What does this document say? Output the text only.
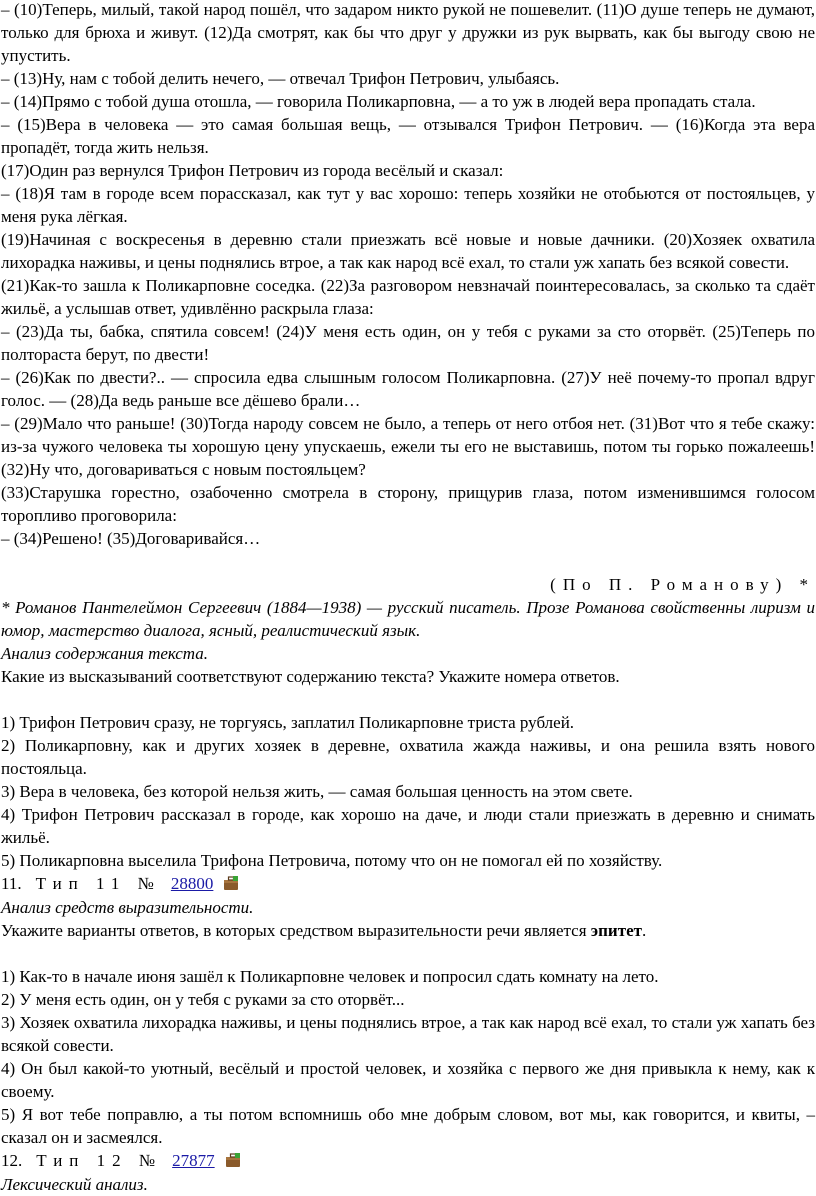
– (10)Теперь, милый, такой народ пошёл, что задаром никто рукой не пошевелит. (11)О душе теперь не думают, только для брюха и живут. (12)Да смотрят, как бы что друг у дружки из рук вырвать, как бы выгоду свою не упустить.

– (13)Ну, нам с тобой делить нечего, — отвечал Трифон Петрович, улыбаясь.

– (14)Прямо с тобой душа отошла, — говорила Поликарповна, — а то уж в людей вера пропадать стала.

– (15)Вера в человека — это самая большая вещь, — отзывался Трифон Петрович. — (16)Когда эта вера пропадёт, тогда жить нельзя.

(17)Один раз вернулся Трифон Петрович из города весёлый и сказал:

– (18)Я там в городе всем порассказал, как тут у вас хорошо: теперь хозяйки не отобьются от постояльцев, у меня рука лёгкая.

(19)Начиная с воскресенья в деревню стали приезжать всё новые и новые дачники. (20)Хозяек охватила лихорадка наживы, и цены поднялись втрое, а так как народ всё ехал, то стали уж хапать без всякой совести.

(21)Как-то зашла к Поликарповне соседка. (22)За разговором невзначай поинтересовалась, за сколько та сдаёт жильё, а услышав ответ, удивлённо раскрыла глаза:

– (23)Да ты, бабка, спятила совсем! (24)У меня есть один, он у тебя с руками за сто оторвёт. (25)Теперь по полтораста берут, по двести!

– (26)Как по двести?.. — спросила едва слышным голосом Поликарповна. (27)У неё почему-то пропал вдруг голос. — (28)Да ведь раньше все дёшево брали…

– (29)Мало что раньше! (30)Тогда народу совсем не было, а теперь от него отбоя нет. (31)Вот что я тебе скажу: из-за чужого человека ты хорошую цену упускаешь, ежели ты его не выставишь, потом ты горько пожалеешь! (32)Ну что, договариваться с новым постояльцем?

(33)Старушка горестно, озабоченно смотрела в сторону, прищурив глаза, потом изменившимся голосом торопливо проговорила:

– (34)Решено! (35)Договаривайся…

(По П. Романову) *

* Романов Пантелеймон Сергеевич (1884—1938) — русский писатель. Прозе Романова свойственны лиризм и юмор, мастерство диалога, ясный, реалистический язык.

Анализ содержания текста.

Какие из высказываний соответствуют содержанию текста? Укажите номера ответов.

1) Трифон Петрович сразу, не торгуясь, заплатил Поликарповне триста рублей.

2) Поликарповну, как и других хозяек в деревне, охватила жажда наживы, и она решила взять нового постояльца.

3) Вера в человека, без которой нельзя жить, — самая большая ценность на этом свете.

4) Трифон Петрович рассказал в городе, как хорошо на даче, и люди стали приезжать в деревню и снимать жильё.

5) Поликарповна выселила Трифона Петровича, потому что он не помогал ей по хозяйству.

11. Тип 11 № 28800

Анализ средств выразительности.

Укажите варианты ответов, в которых средством выразительности речи является эпитет.

1) Как-то в начале июня зашёл к Поликарповне человек и попросил сдать комнату на лето.

2) У меня есть один, он у тебя с руками за сто оторвёт...

3) Хозяек охватила лихорадка наживы, и цены поднялись втрое, а так как народ всё ехал, то стали уж хапать без всякой совести.

4) Он был какой-то уютный, весёлый и простой человек, и хозяйка с первого же дня привыкла к нему, как к своему.

5) Я вот тебе поправлю, а ты потом вспомнишь обо мне добрым словом, вот мы, как говорится, и квиты, – сказал он и засмеялся.

12. Тип 12 № 27877

Лексический анализ.
